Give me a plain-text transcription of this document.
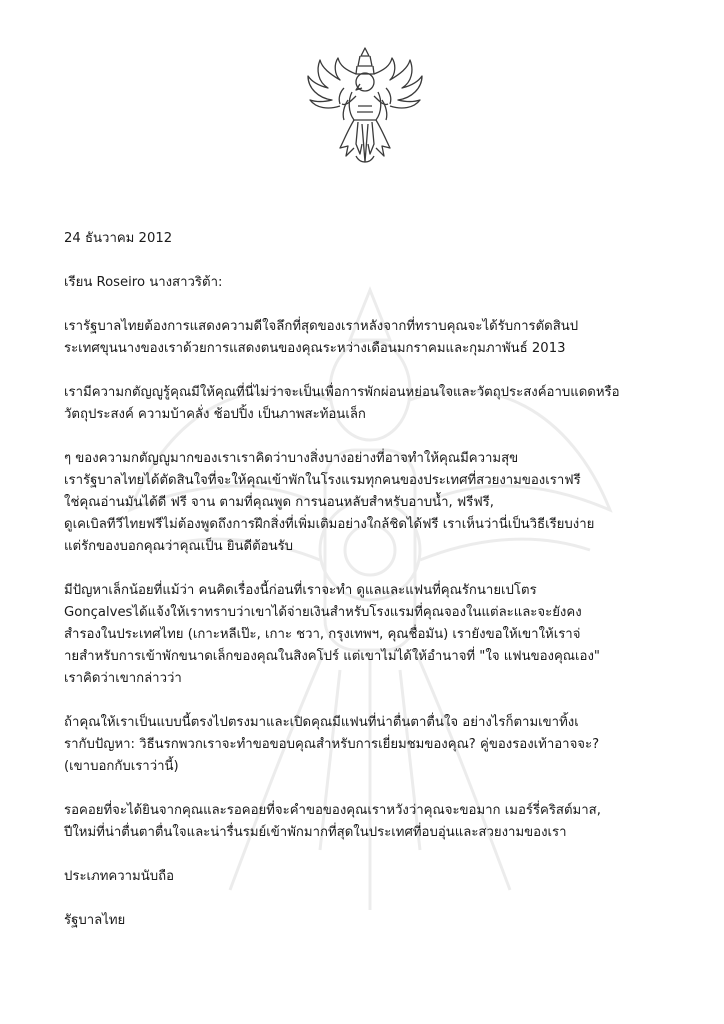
24 ธันวาคม 2012

เรียน Roseiro นางสาวริต้า:

เรารัฐบาลไทยต้องการแสดงความดีใจลึกที่สุดของเราหลังจากที่ทราบคุณจะได้รับการตัดสินป

ระเทศขุนนางของเราด้วยการแสดงตนของคุณระหว่างเดือนมกราคมและกุมภาพันธ์ 2013

เรามีความกตัญญูรู้คุณมีให้คุณที่นี่ไม่ว่าจะเป็นเพื่อการพักผ่อนหย่อนใจและวัตถุประสงค์อาบแดดหรือ

วัตถุประสงค์ ความบ้าคลั่ง ช้อปปิ้ง เป็นภาพสะท้อนเล็ก

ๆ ของความกตัญญูมากของเราเราคิดว่าบางสิ่งบางอย่างที่อาจทำให้คุณมีความสุข

เรารัฐบาลไทยได้ตัดสินใจที่จะให้คุณเข้าพักในโรงแรมทุกคนของประเทศที่สวยงามของเราฟรี

ใช่คุณอ่านมันได้ดี ฟรี จาน ตามที่คุณพูด การนอนหลับสำหรับอาบน้ำ, ฟรีฟรี,

ดูเคเบิลทีวีไทยฟรีไม่ต้องพูดถึงการฝึกสิ่งที่เพิ่มเติมอย่างใกล้ชิดได้ฟรี เราเห็นว่านี่เป็นวิธีเรียบง่าย

แต่รักของบอกคุณว่าคุณเป็น ยินดีต้อนรับ

มีปัญหาเล็กน้อยที่แม้ว่า คนคิดเรื่องนี้ก่อนที่เราจะทำ ดูแลและแฟนที่คุณรักนายเปโตร

Gonçalvesได้แจ้งให้เราทราบว่าเขาได้จ่ายเงินสำหรับโรงแรมที่คุณจองในแต่ละและจะยังคง

สำรองในประเทศไทย (เกาะหลีเป๊ะ, เกาะ ชวา, กรุงเทพฯ, คุณชื่อมัน) เรายังขอให้เขาให้เราจ่

ายสำหรับการเข้าพักขนาดเล็กของคุณในสิงคโปร์ แต่เขาไม่ได้ให้อำนาจที่ "ใจ แฟนของคุณเอง"

เราคิดว่าเขากล่าวว่า

ถ้าคุณให้เราเป็นแบบนี้ตรงไปตรงมาและเปิดคุณมีแฟนที่น่าตื่นตาตื่นใจ อย่างไรก็ตามเขาทิ้งเ

รากับปัญหา: วิธีนรกพวกเราจะทำขอขอบคุณสำหรับการเยี่ยมชมของคุณ? คู่ของรองเท้าอาจจะ?

(เขาบอกกับเราว่านี้)

รอคอยที่จะได้ยินจากคุณและรอคอยที่จะคำขอของคุณเราหวังว่าคุณจะขอมาก เมอร์รี่คริสต์มาส,

ปีใหม่ที่น่าตื่นตาตื่นใจและน่ารื่นรมย์เข้าพักมากที่สุดในประเทศที่อบอุ่นและสวยงามของเรา

ประเภทความนับถือ

รัฐบาลไทย
